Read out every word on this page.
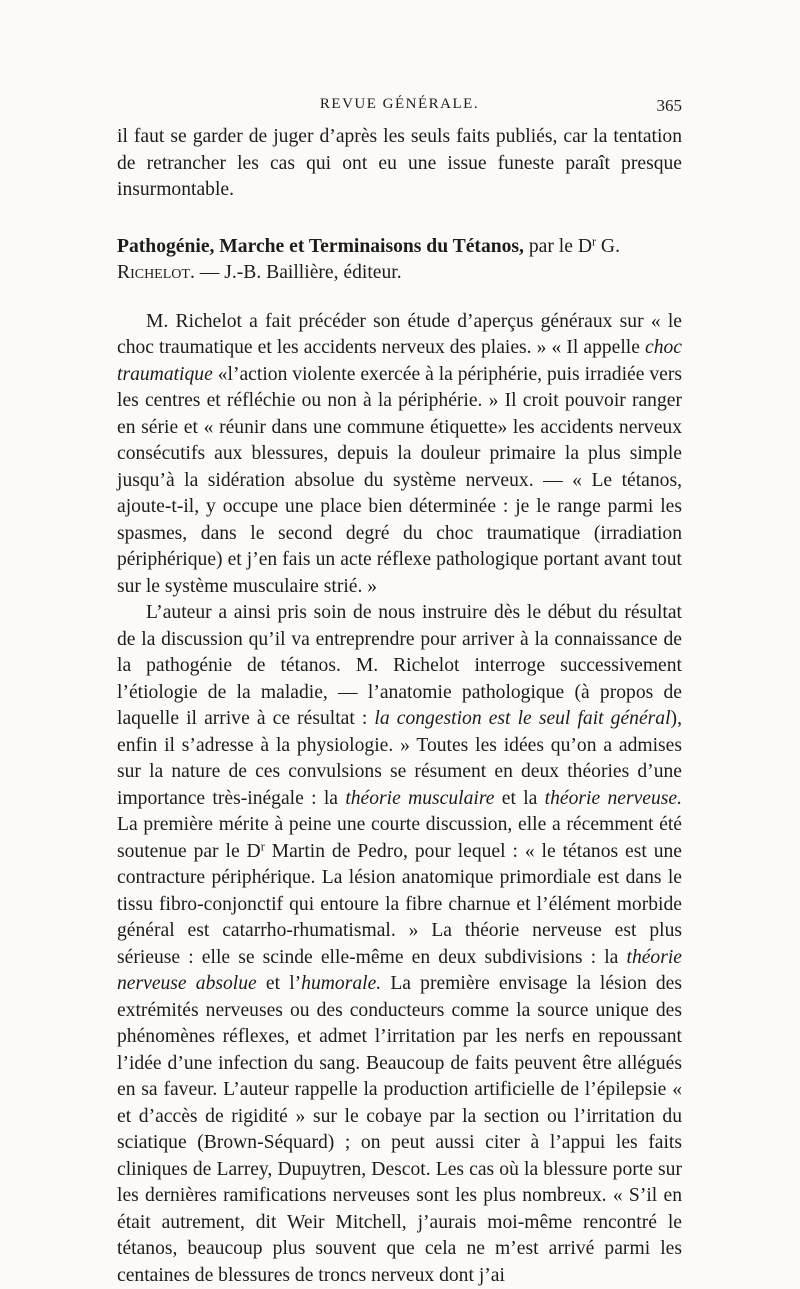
REVUE GÉNÉRALE.	365

il faut se garder de juger d’après les seuls faits publiés, car la tentation de retrancher les cas qui ont eu une issue funeste paraît presque insurmontable.

Pathogénie, Marche et Terminaisons du Tétanos, par le $D^r$ G.
Richelot. — J.-B. Baillière, éditeur.

M. Richelot a fait précéder son étude d’aperçus généraux sur « le choc traumatique et les accidents nerveux des plaies. » « Il appelle choc traumatique «l’action violente exercée à la périphérie, puis irradiée vers les centres et réfléchie ou non à la périphérie. » Il croit pouvoir ranger en série et « réunir dans une commune étiquette» les accidents nerveux consécutifs aux blessures, depuis la douleur primaire la plus simple jusqu’à la sidération absolue du système nerveux. — « Le tétanos, ajoute-t-il, y occupe une place bien déterminée : je le range parmi les spasmes, dans le second degré du choc traumatique (irradiation périphérique) et j’en fais un acte réflexe pathologique portant avant tout sur le système musculaire strié. »

L’auteur a ainsi pris soin de nous instruire dès le début du résultat de la discussion qu’il va entreprendre pour arriver à la connaissance de la pathogénie de tétanos. M. Richelot interroge successivement l’étiologie de la maladie, — l’anatomie pathologique (à propos de laquelle il arrive à ce résultat : la congestion est le seul fait général), enfin il s’adresse à la physiologie. » Toutes les idées qu’on a admises sur la nature de ces convulsions se résument en deux théories d’une importance très-inégale : la théorie musculaire et la théorie nerveuse. La première mérite à peine une courte discussion, elle a récemment été soutenue par le $D^r$ Martin de Pedro, pour lequel : « le tétanos est une contracture périphérique. La lésion anatomique primordiale est dans le tissu fibro-conjonctif qui entoure la fibre charnue et l’élément morbide général est catarrho-rhumatismal. » La théorie nerveuse est plus sérieuse : elle se scinde elle-même en deux subdivisions : la théorie nerveuse absolue et l’humorale. La première envisage la lésion des extrémités nerveuses ou des conducteurs comme la source unique des phénomènes réflexes, et admet l’irritation par les nerfs en repoussant l’idée d’une infection du sang. Beaucoup de faits peuvent être allégués en sa faveur. L’auteur rappelle la production artificielle de l’épilepsie « et d’accès de rigidité » sur le cobaye par la section ou l’irritation du sciatique (Brown-Séquard) ; on peut aussi citer à l’appui les faits cliniques de Larrey, Dupuytren, Descot. Les cas où la blessure porte sur les dernières ramifications nerveuses sont les plus nombreux. « S’il en était autrement, dit Weir Mitchell, j’aurais moi-même rencontré le tétanos, beaucoup plus souvent que cela ne m’est arrivé parmi les centaines de blessures de troncs nerveux dont j’ai
